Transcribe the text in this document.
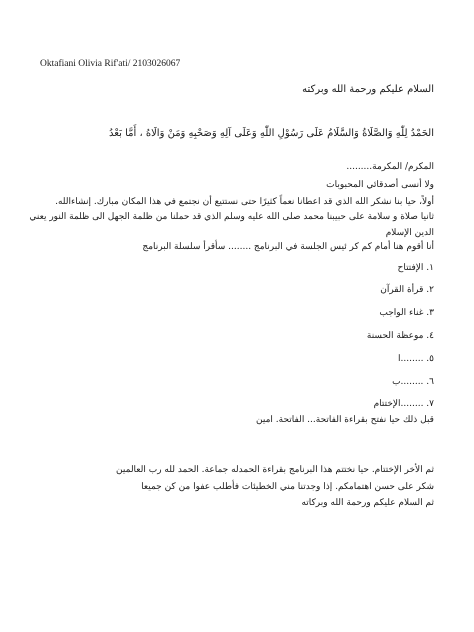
Oktafiani Olivia Rif'ati/ 2103026067
السلام عليكم ورحمة الله وبركته
الحَمْدُ لِلّٰهِ وَالصَّلَاةُ وَالسَّلَامُ عَلَى رَسُوْلِ اللّٰهِ وَعَلَى آلِهِ وَصَحْبِهِ وَمَنْ وَالَاهُ ، أَمَّا بَعْدُ
المكرم/ المكرمة.........
ولا أنسى أصدقائي المحبوبات
أولاً، حيا بنا نشكر الله الذي قد اعطانا نعماً كثيرًا حتى نستتيع أن نجتمع في هذا المكان مبارك. إنشاءالله.
ثانيا صلاة و سلامة على حبيبنا محمد صلى الله عليه وسلم الذي قد حملنا من ظلمة الجهل الى ظلمة النور يعني
الدين الإسلام
أنا أقوم هنا أمام كم كر ئيس الجلسة في البرنامج ........ سأقرأ سلسلة البرنامج
١. الإفتتاح
٢. قرأة القرآن
٣. غناء الواجب
٤. موعظة الحسنة
٥. ........ا
٦. ........ب
٧. ........الإختتام
قبل ذلك حيا نفتح بقراءة الفاتحة... الفاتحة. امين
ثم الأخر الإختتام. حيا نختتم هذا البرنامج بقراءة الحمدله جماعة. الحمد لله رب العالمين
شكر على حسن اهتمامكم. إذا وجدتنا مني الخطيئات فأطلب عفوا من كن جميعا
ثم السلام عليكم ورحمة الله وبركاته
